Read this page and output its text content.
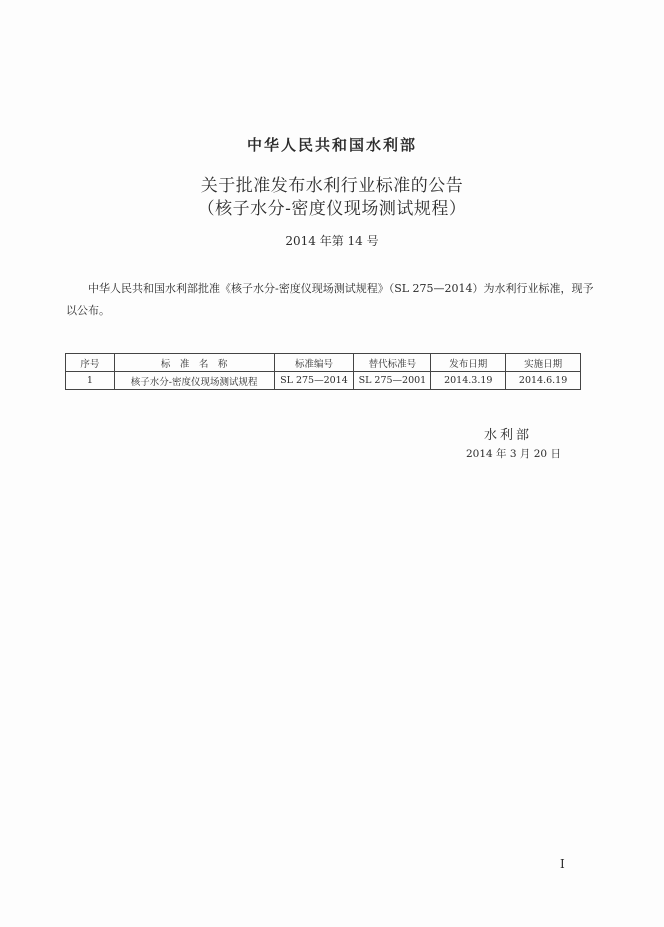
中华人民共和国水利部
关于批准发布水利行业标准的公告
（核子水分-密度仪现场测试规程）
2014 年第 14 号
中华人民共和国水利部批准《核子水分-密度仪现场测试规程》（SL 275—2014）为水利行业标准，现予以公布。
序号	标　准　名　称	标准编号	替代标准号	发布日期	实施日期
1	核子水分-密度仪现场测试规程	SL 275—2014	SL 275—2001	2014.3.19	2014.6.19
水利部
2014 年 3 月 20 日
I
